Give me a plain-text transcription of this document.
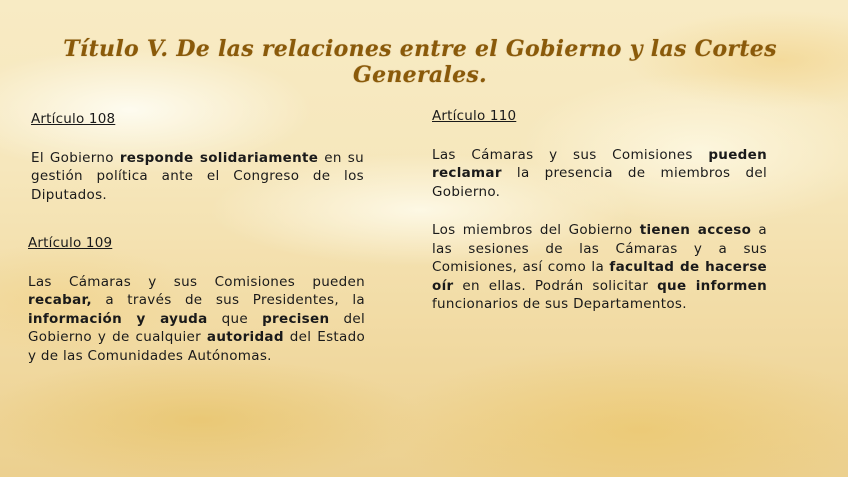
Título V. De las relaciones entre el Gobierno y las Cortes Generales.
Artículo 108

El Gobierno responde solidariamente en su gestión política ante el Congreso de los Diputados.

Artículo 109

Las Cámaras y sus Comisiones pueden recabar, a través de sus Presidentes, la información y ayuda que precisen del Gobierno y de cualquier autoridad del Estado y de las Comunidades Autónomas.

Artículo 110

Las Cámaras y sus Comisiones pueden reclamar la presencia de miembros del Gobierno.

Los miembros del Gobierno tienen acceso a las sesiones de las Cámaras y a sus Comisiones, así como la facultad de hacerse oír en ellas. Podrán solicitar que informen funcionarios de sus Departamentos.
